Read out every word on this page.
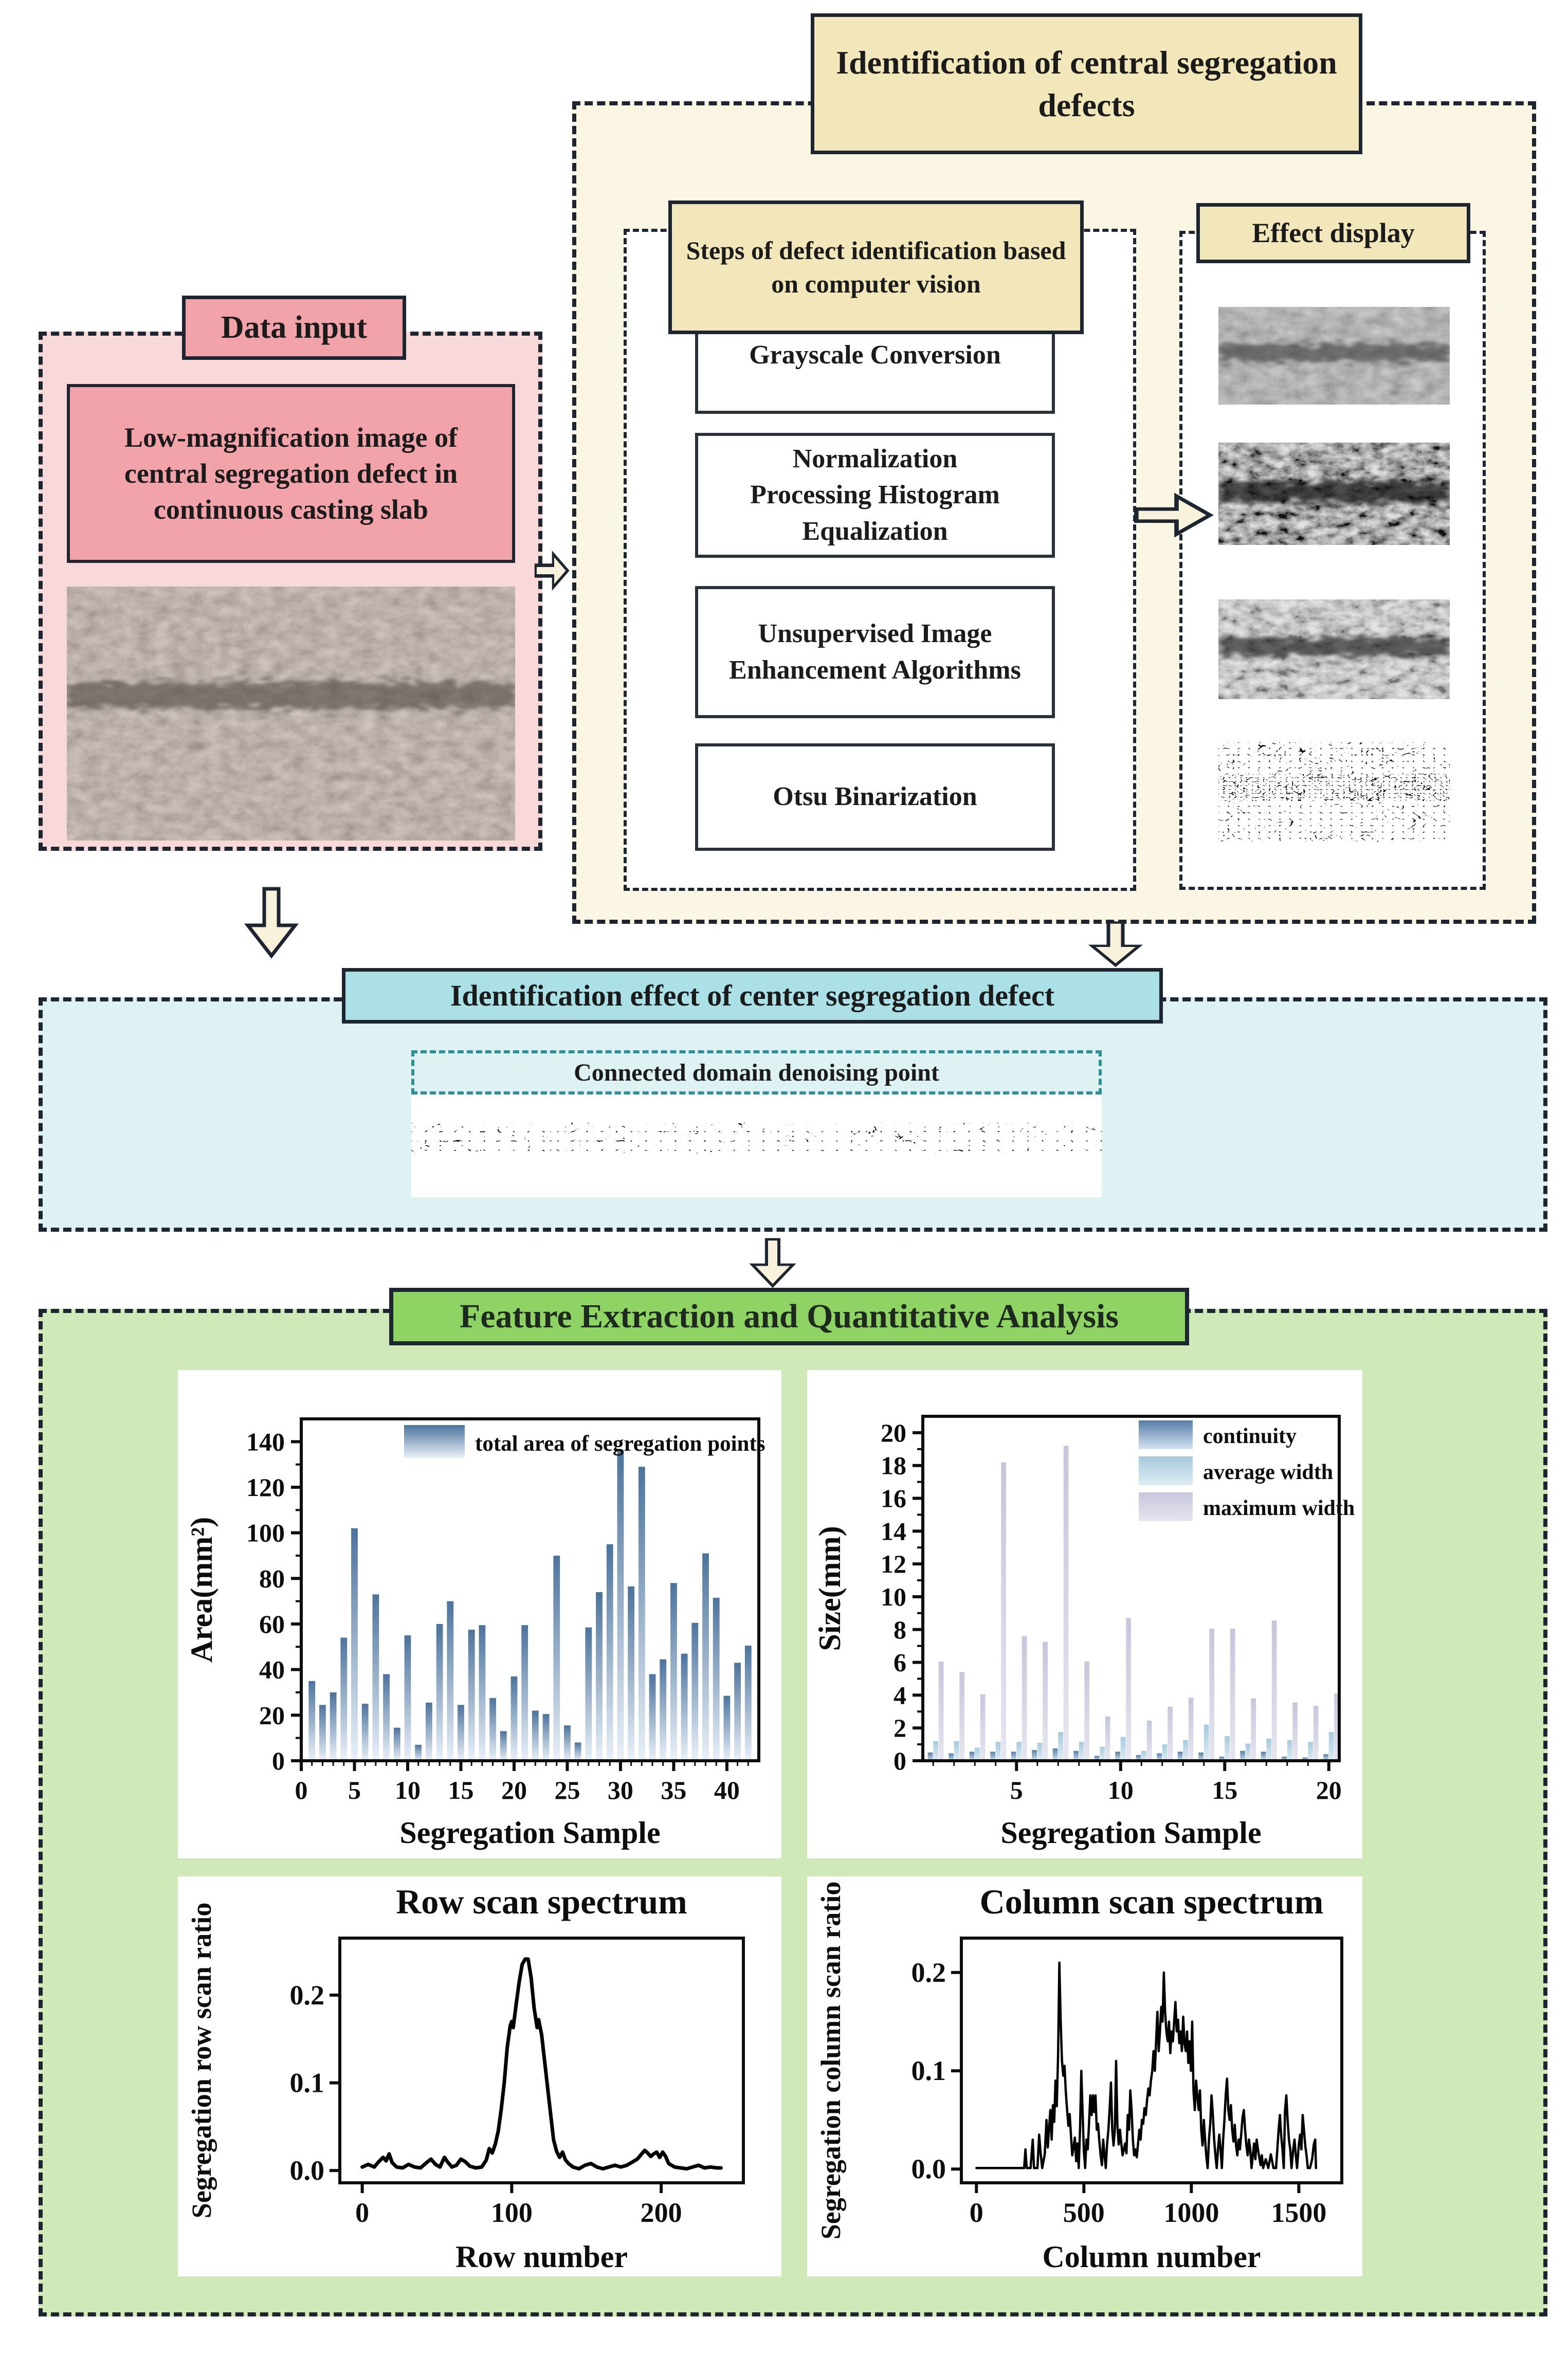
Identification of central segregation defects
Steps of defect identification based on computer vision
Grayscale Conversion
Normalization Processing Histogram Equalization
Unsupervised Image Enhancement Algorithms
Otsu Binarization
Effect display
Data input
Low-magnification image of central segregation defect in continuous casting slab
Identification effect of center segregation defect
Connected domain denoising point
Feature Extraction and Quantitative Analysis
0
20
40
60
80
100
120
140
0 5 10 15 20 25 30 35 40
total area of segregation points
Area(mm²)
Segregation Sample
0
2
4
6
8
10
12
14
16
18
20
5	10	15	20
continuity
average width
maximum width
Size(mm)
Segregation Sample
0.0
0.1
0.2
0	100	200
Row scan spectrum
Segregation row scan ratio
Row number
0.0
0.1
0.2
0	500 1000 1500
Column scan spectrum
Segregation column scan ratio
Column number
